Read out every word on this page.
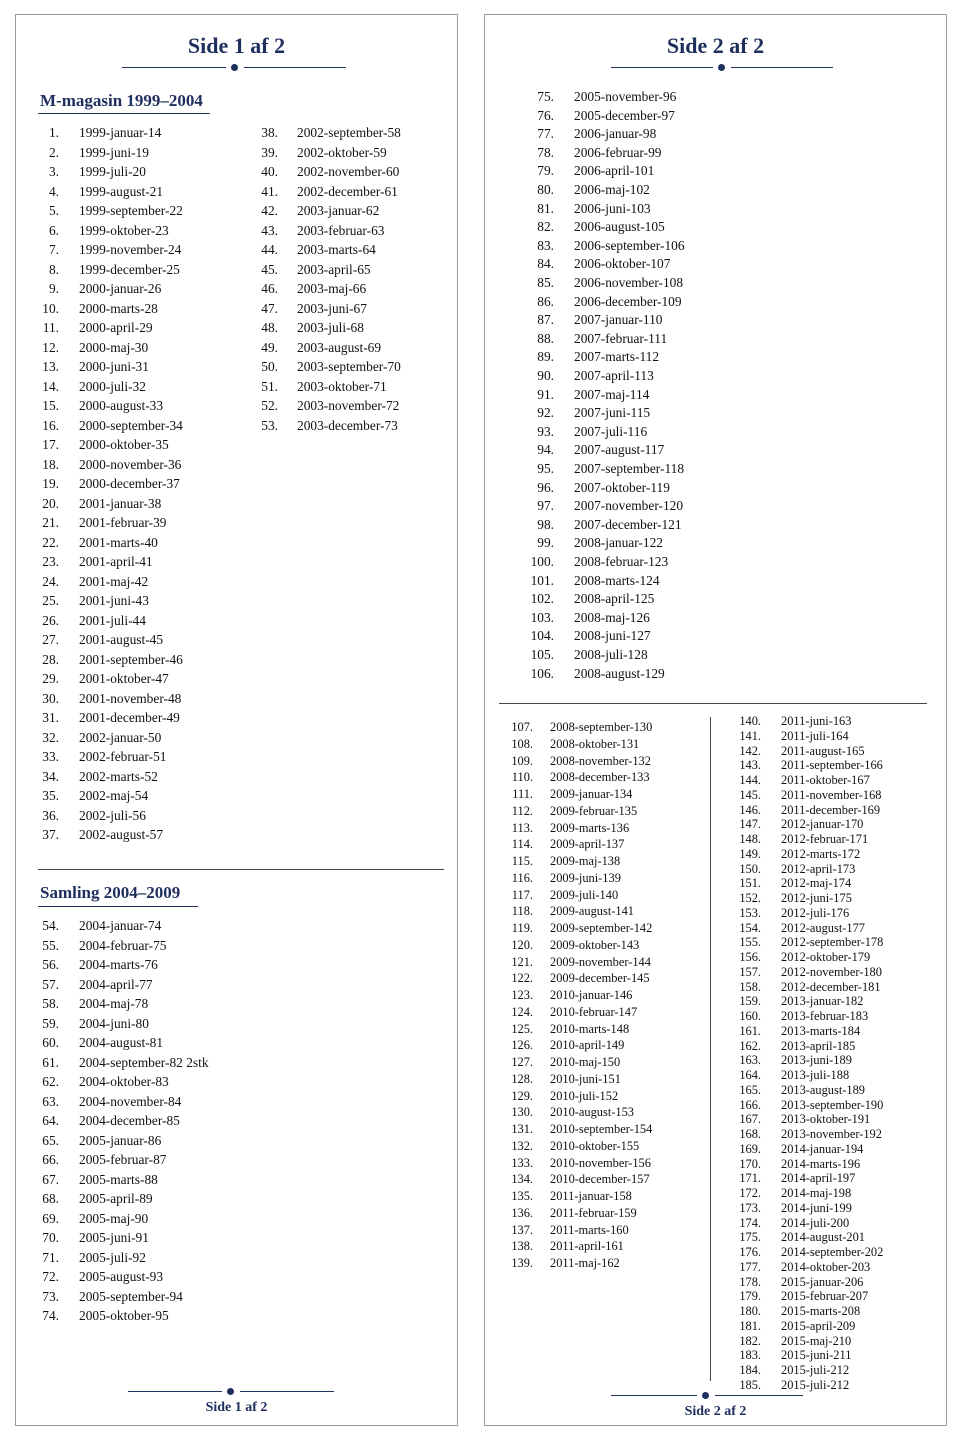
Side 1 af 2
M-magasin 1999–2004
1. 1999-januar-14
2. 1999-juni-19
3. 1999-juli-20
4. 1999-august-21
5. 1999-september-22
6. 1999-oktober-23
7. 1999-november-24
8. 1999-december-25
9. 2000-januar-26
10. 2000-marts-28
11. 2000-april-29
12. 2000-maj-30
13. 2000-juni-31
14. 2000-juli-32
15. 2000-august-33
16. 2000-september-34
17. 2000-oktober-35
18. 2000-november-36
19. 2000-december-37
20. 2001-januar-38
21. 2001-februar-39
22. 2001-marts-40
23. 2001-april-41
24. 2001-maj-42
25. 2001-juni-43
26. 2001-juli-44
27. 2001-august-45
28. 2001-september-46
29. 2001-oktober-47
30. 2001-november-48
31. 2001-december-49
32. 2002-januar-50
33. 2002-februar-51
34. 2002-marts-52
35. 2002-maj-54
36. 2002-juli-56
37. 2002-august-57
38. 2002-september-58
39. 2002-oktober-59
40. 2002-november-60
41. 2002-december-61
42. 2003-januar-62
43. 2003-februar-63
44. 2003-marts-64
45. 2003-april-65
46. 2003-maj-66
47. 2003-juni-67
48. 2003-juli-68
49. 2003-august-69
50. 2003-september-70
51. 2003-oktober-71
52. 2003-november-72
53. 2003-december-73
Samling 2004–2009
54. 2004-januar-74
55. 2004-februar-75
56. 2004-marts-76
57. 2004-april-77
58. 2004-maj-78
59. 2004-juni-80
60. 2004-august-81
61. 2004-september-82 2stk
62. 2004-oktober-83
63. 2004-november-84
64. 2004-december-85
65. 2005-januar-86
66. 2005-februar-87
67. 2005-marts-88
68. 2005-april-89
69. 2005-maj-90
70. 2005-juni-91
71. 2005-juli-92
72. 2005-august-93
73. 2005-september-94
74. 2005-oktober-95
Side 1 af 2
Side 2 af 2
75. 2005-november-96
76. 2005-december-97
77. 2006-januar-98
78. 2006-februar-99
79. 2006-april-101
80. 2006-maj-102
81. 2006-juni-103
82. 2006-august-105
83. 2006-september-106
84. 2006-oktober-107
85. 2006-november-108
86. 2006-december-109
87. 2007-januar-110
88. 2007-februar-111
89. 2007-marts-112
90. 2007-april-113
91. 2007-maj-114
92. 2007-juni-115
93. 2007-juli-116
94. 2007-august-117
95. 2007-september-118
96. 2007-oktober-119
97. 2007-november-120
98. 2007-december-121
99. 2008-januar-122
100. 2008-februar-123
101. 2008-marts-124
102. 2008-april-125
103. 2008-maj-126
104. 2008-juni-127
105. 2008-juli-128
106. 2008-august-129
107. 2008-september-130
108. 2008-oktober-131
109. 2008-november-132
110. 2008-december-133
111. 2009-januar-134
112. 2009-februar-135
113. 2009-marts-136
114. 2009-april-137
115. 2009-maj-138
116. 2009-juni-139
117. 2009-juli-140
118. 2009-august-141
119. 2009-september-142
120. 2009-oktober-143
121. 2009-november-144
122. 2009-december-145
123. 2010-januar-146
124. 2010-februar-147
125. 2010-marts-148
126. 2010-april-149
127. 2010-maj-150
128. 2010-juni-151
129. 2010-juli-152
130. 2010-august-153
131. 2010-september-154
132. 2010-oktober-155
133. 2010-november-156
134. 2010-december-157
135. 2011-januar-158
136. 2011-februar-159
137. 2011-marts-160
138. 2011-april-161
139. 2011-maj-162
140. 2011-juni-163
141. 2011-juli-164
142. 2011-august-165
143. 2011-september-166
144. 2011-oktober-167
145. 2011-november-168
146. 2011-december-169
147. 2012-januar-170
148. 2012-februar-171
149. 2012-marts-172
150. 2012-april-173
151. 2012-maj-174
152. 2012-juni-175
153. 2012-juli-176
154. 2012-august-177
155. 2012-september-178
156. 2012-oktober-179
157. 2012-november-180
158. 2012-december-181
159. 2013-januar-182
160. 2013-februar-183
161. 2013-marts-184
162. 2013-april-185
163. 2013-juni-189
164. 2013-juli-188
165. 2013-august-189
166. 2013-september-190
167. 2013-oktober-191
168. 2013-november-192
169. 2014-januar-194
170. 2014-marts-196
171. 2014-april-197
172. 2014-maj-198
173. 2014-juni-199
174. 2014-juli-200
175. 2014-august-201
176. 2014-september-202
177. 2014-oktober-203
178. 2015-januar-206
179. 2015-februar-207
180. 2015-marts-208
181. 2015-april-209
182. 2015-maj-210
183. 2015-juni-211
184. 2015-juli-212
185. 2015-juli-212
Side 2 af 2
